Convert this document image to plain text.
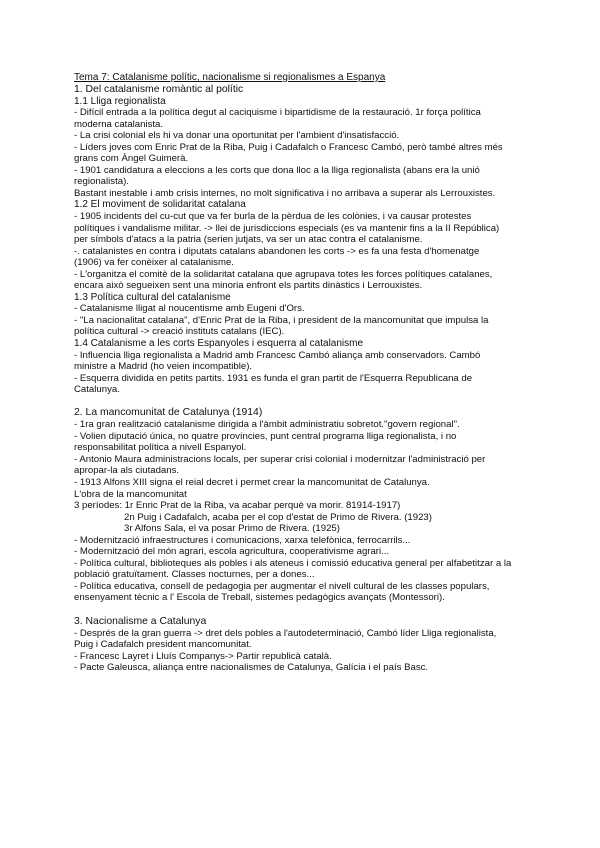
Tema 7: Catalanisme polític, nacionalisme si regionalismes a Espanya
1. Del catalanisme romàntic al polític
1.1 Lliga regionalista
- Difícil entrada a la política degut al caciquisme i bipartidisme de la restauració. 1r força política
moderna catalanista.
- La crisi colonial els hi va donar una oportunitat per l'ambient d'insatisfacció.
- Líders joves com Enric Prat de la Riba, Puig i Cadafalch o Francesc Cambó, però també altres més
grans com Àngel Guimerà.
- 1901 candidatura a eleccions a les corts que dona lloc a la lliga regionalista (abans era la unió
regionalista).
Bastant inestable i amb crisis internes, no molt significativa i no arribava a superar als Lerrouxistes.
1.2 El moviment de solidaritat catalana
- 1905 incidents del cu-cut que va fer burla de la pèrdua de les colònies, i va causar protestes
polítiques i vandalisme militar. -> llei de jurisdiccions especials (es va mantenir fins a la II República)
per símbols d'atacs a la patria (serien jutjats, va ser un atac contra el catalanisme.
-. catalanistes en contra i diputats catalans abandonen les corts -> es fa una festa d'homenatge
(1906) va fer conèixer al catalanisme.
- L'organitza el comitè de la solidaritat catalana que agrupava totes les forces polítiques catalanes,
encara això segueixen sent una minoria enfront els partits dinàstics i Lerrouxistes.
1.3 Política cultural del catalanisme
- Catalanisme lligat al noucentisme amb Eugeni d'Ors.
- "La nacionalitat catalana", d'Enric Prat de la Riba, i president de la mancomunitat que impulsa la
política cultural -> creació instituts catalans (IEC).
1.4 Catalanisme a les corts Espanyoles i esquerra al catalanisme
- Influencia lliga regionalista a Madrid amb Francesc Cambó aliança amb conservadors. Cambó
ministre a Madrid (ho veien incompatible).
- Esquerra dividida en petits partits. 1931 es funda el gran partit de l'Esquerra Republicana de
Catalunya.
2. La mancomunitat de Catalunya (1914)
- 1ra gran realització catalanisme dirigida a l'àmbit administratiu sobretot."govern regional".
- Volien diputació única, no quatre províncies, punt central programa lliga regionalista, i no
responsabilitat política a nivell Espanyol.
- Antonio Maura administracions locals, per superar crisi colonial i modernitzar l'administració per
apropar-la als ciutadans.
- 1913 Alfons XIII signa el reial decret i permet crear la mancomunitat de Catalunya.
L'obra de la mancomunitat
3 períodes: 1r Enric Prat de la Riba, va acabar perquè va morir. 81914-1917)
2n Puig i Cadafalch, acaba per el cop d'estat de Primo de Rivera. (1923)
3r Alfons Sala, el va posar Primo de Rivera. (1925)
- Modernització infraestructures i comunicacions, xarxa telefònica, ferrocarrils...
- Modernització del món agrari, escola agricultura, cooperativisme agrari...
- Política cultural, biblioteques als pobles i als ateneus i comissió educativa general per alfabetitzar a la
població gratuïtament. Classes nocturnes, per a dones...
- Política educativa, consell de pedagogia per augmentar el nivell cultural de les classes populars,
ensenyament tècnic a l' Escola de Treball, sistemes pedagògics avançats (Montessori).
3. Nacionalisme a Catalunya
- Després de la gran guerra -> dret dels pobles a l'autodeterminació, Cambó líder Lliga regionalista,
Puig i Cadafalch president mancomunitat.
- Francesc Layret i Lluís Companys-> Partir republicà català.
- Pacte Galeusca, aliança entre nacionalismes de Catalunya, Galícia i el país Basc.
